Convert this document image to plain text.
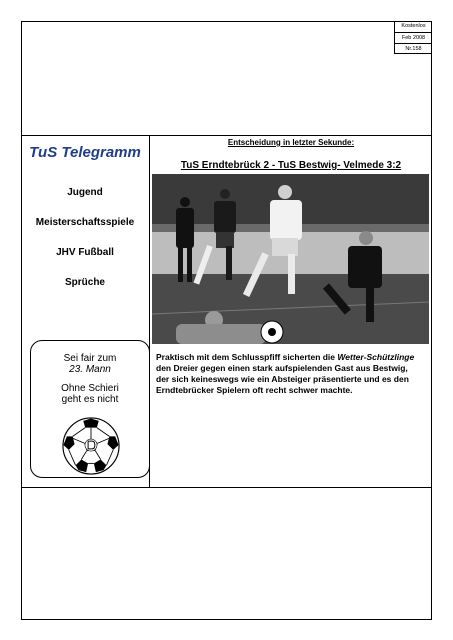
Kostenlos
Feb 2008
Nr.158
TuS Telegramm
Jugend
Meisterschaftsspiele
JHV Fußball
Sprüche
Sei fair zum
23. Mann
Ohne Schieri
geht es nicht
Entscheidung in letzter Sekunde:
TuS Erndtebrück 2 - TuS Bestwig- Velmede 3:2

Praktisch mit dem Schlusspfiff sicherten die Wetter-Schützlinge den Dreier gegen einen stark aufspielenden Gast aus Bestwig, der sich keineswegs wie ein Absteiger präsentierte und es den Erndtebrücker Spielern oft recht schwer machte.
